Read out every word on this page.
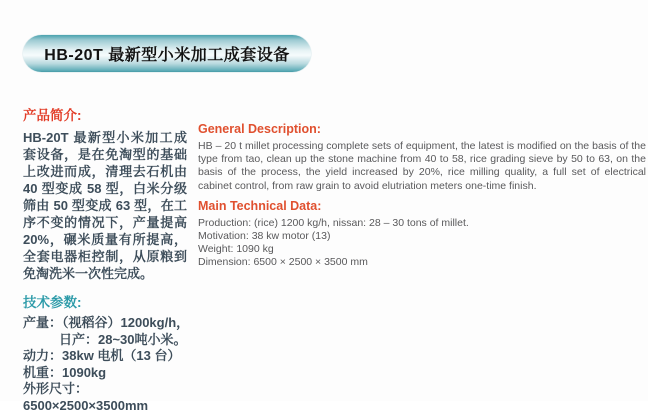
HB-20T 最新型小米加工成套设备
产品简介:

HB-20T 最新型小米加工成套设备，是在免淘型的基础上改进而成，清理去石机由 40 型变成 58 型，白米分级筛由 50 型变成 63 型，在工序不变的情况下，产量提高 20%，碾米质量有所提高，全套电器柜控制，从原粮到免淘洗米一次性完成。

技术参数:
产量：（视稻谷）1200kg/h，
日产：28~30吨小米。
动力：38kw 电机（13 台）
机重：1090kg
外形尺寸：
6500×2500×3500mm
General Description:

HB – 20 t millet processing complete sets of equipment, the latest is modified on the basis of the type from tao, clean up the stone machine from 40 to 58, rice grading sieve by 50 to 63, on the basis of the process, the yield increased by 20%, rice milling quality, a full set of electrical cabinet control, from raw grain to avoid elutriation meters one-time finish.

Main Technical Data:
Production: (rice) 1200 kg/h, nissan: 28 – 30 tons of millet.
Motivation: 38 kw motor (13)
Weight: 1090 kg
Dimension: 6500 × 2500 × 3500 mm
